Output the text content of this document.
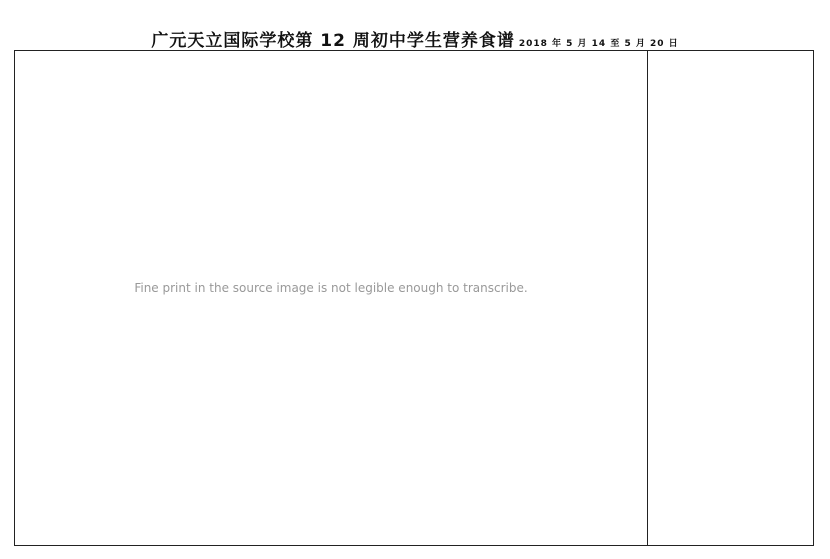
广元天立国际学校第 12 周初中学生营养食谱 2018 年 5 月 14 至 5 月 20 日
Fine print in the source image is not legible enough to transcribe.
